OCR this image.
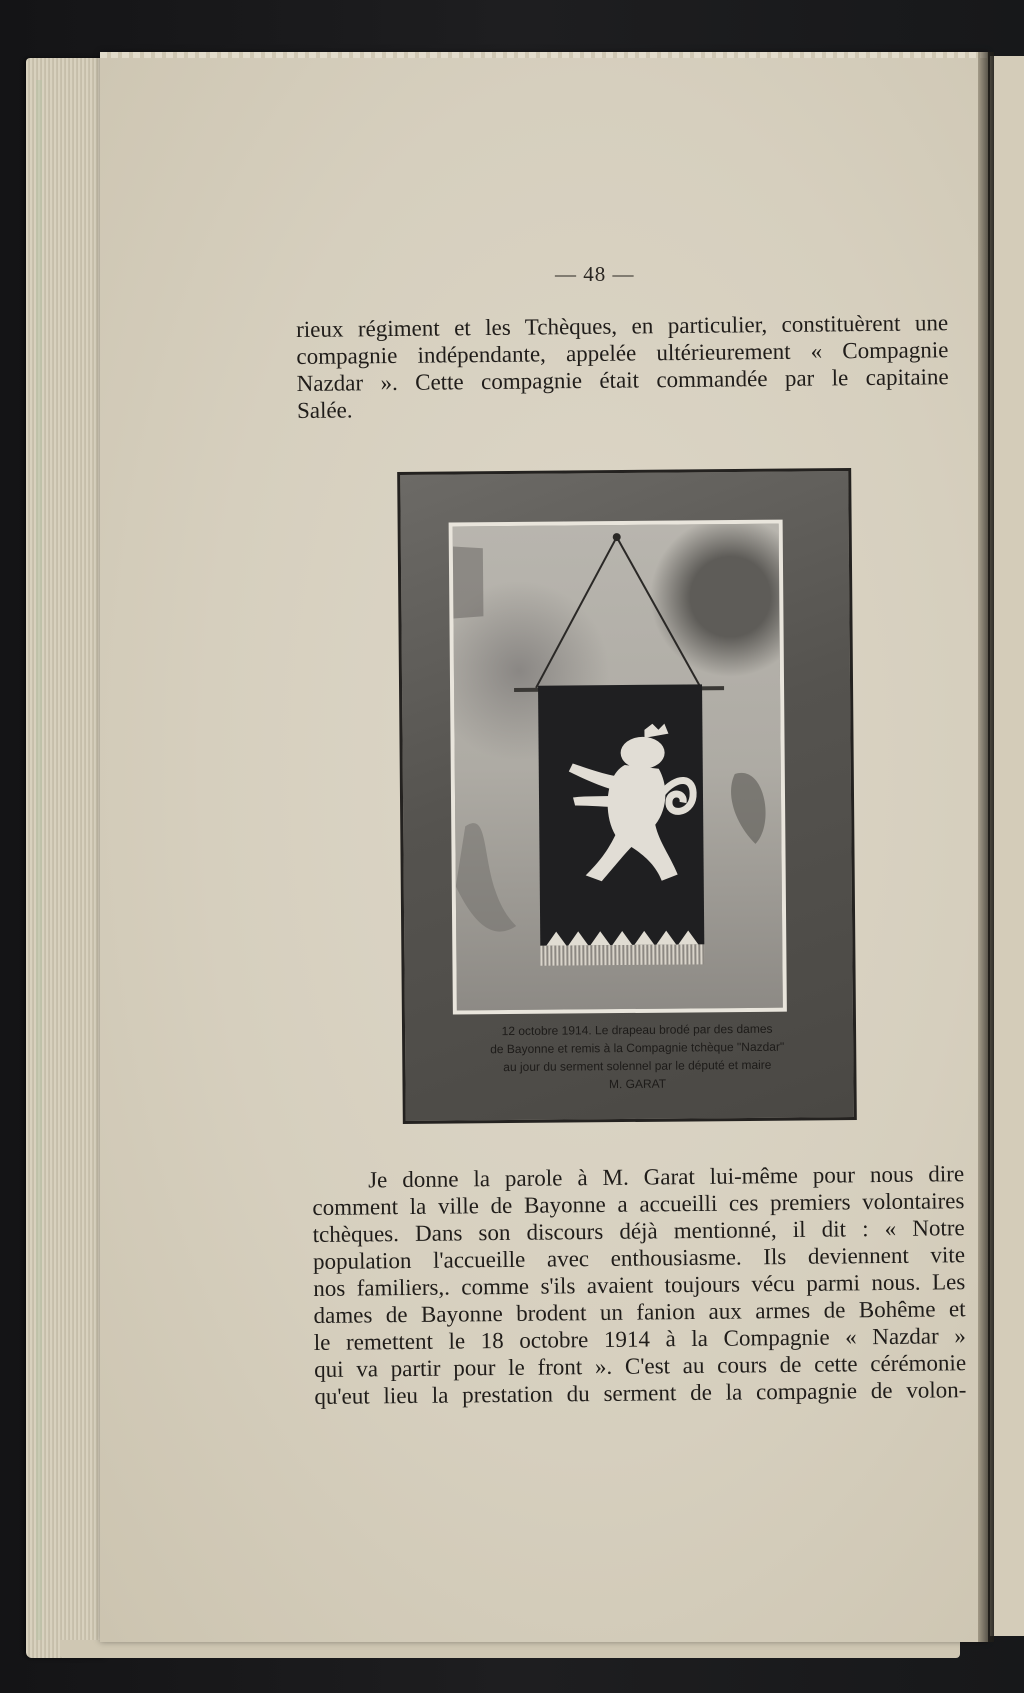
— 48 —

rieux régiment et les Tchèques, en particulier, constituèrent une
compagnie indépendante, appelée ultérieurement « Compagnie
Nazdar ». Cette compagnie était commandée par le capitaine
Salée.

12 octobre 1914. Le drapeau brodé par des dames
de Bayonne et remis à la Compagnie tchèque "Nazdar"
au jour du serment solennel par le député et maire
M. GARAT

Je donne la parole à M. Garat lui-même pour nous dire
comment la ville de Bayonne a accueilli ces premiers volontaires
tchèques. Dans son discours déjà mentionné, il dit : « Notre
population l'accueille avec enthousiasme. Ils deviennent vite
nos familiers,. comme s'ils avaient toujours vécu parmi nous. Les
dames de Bayonne brodent un fanion aux armes de Bohême et
le remettent le 18 octobre 1914 à la Compagnie « Nazdar »
qui va partir pour le front ». C'est au cours de cette cérémonie
qu'eut lieu la prestation du serment de la compagnie de volon-
